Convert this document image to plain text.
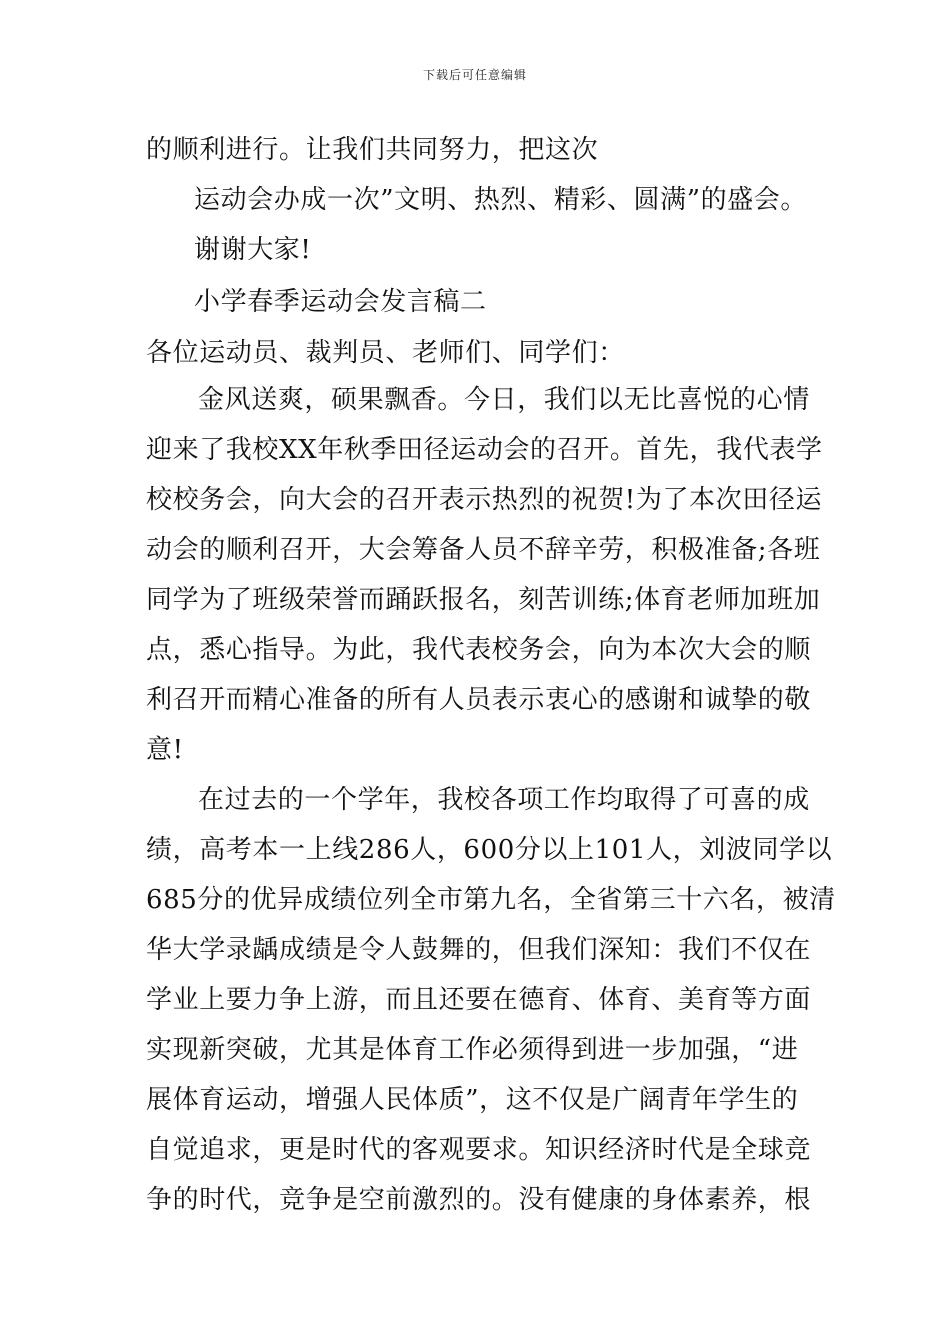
下载后可任意编辑
的顺利进行。让我们共同努力，把这次
运动会办成一次”文明、热烈、精彩、圆满”的盛会。
谢谢大家!
小学春季运动会发言稿二
各位运动员、裁判员、老师们、同学们：
金风送爽，硕果飘香。今日，我们以无比喜悦的心情
迎来了我校XX年秋季田径运动会的召开。首先，我代表学
校校务会，向大会的召开表示热烈的祝贺!为了本次田径运
动会的顺利召开，大会筹备人员不辞辛劳，积极准备;各班
同学为了班级荣誉而踊跃报名，刻苦训练;体育老师加班加
点，悉心指导。为此，我代表校务会，向为本次大会的顺
利召开而精心准备的所有人员表示衷心的感谢和诚挚的敬
意!
在过去的一个学年，我校各项工作均取得了可喜的成
绩，高考本一上线286人，600分以上101人，刘波同学以
685分的优异成绩位列全市第九名，全省第三十六名，被清
华大学录龋成绩是令人鼓舞的，但我们深知：我们不仅在
学业上要力争上游，而且还要在德育、体育、美育等方面
实现新突破，尤其是体育工作必须得到进一步加强，“进
展体育运动，增强人民体质”，这不仅是广阔青年学生的
自觉追求，更是时代的客观要求。知识经济时代是全球竞
争的时代，竞争是空前激烈的。没有健康的身体素养，根
